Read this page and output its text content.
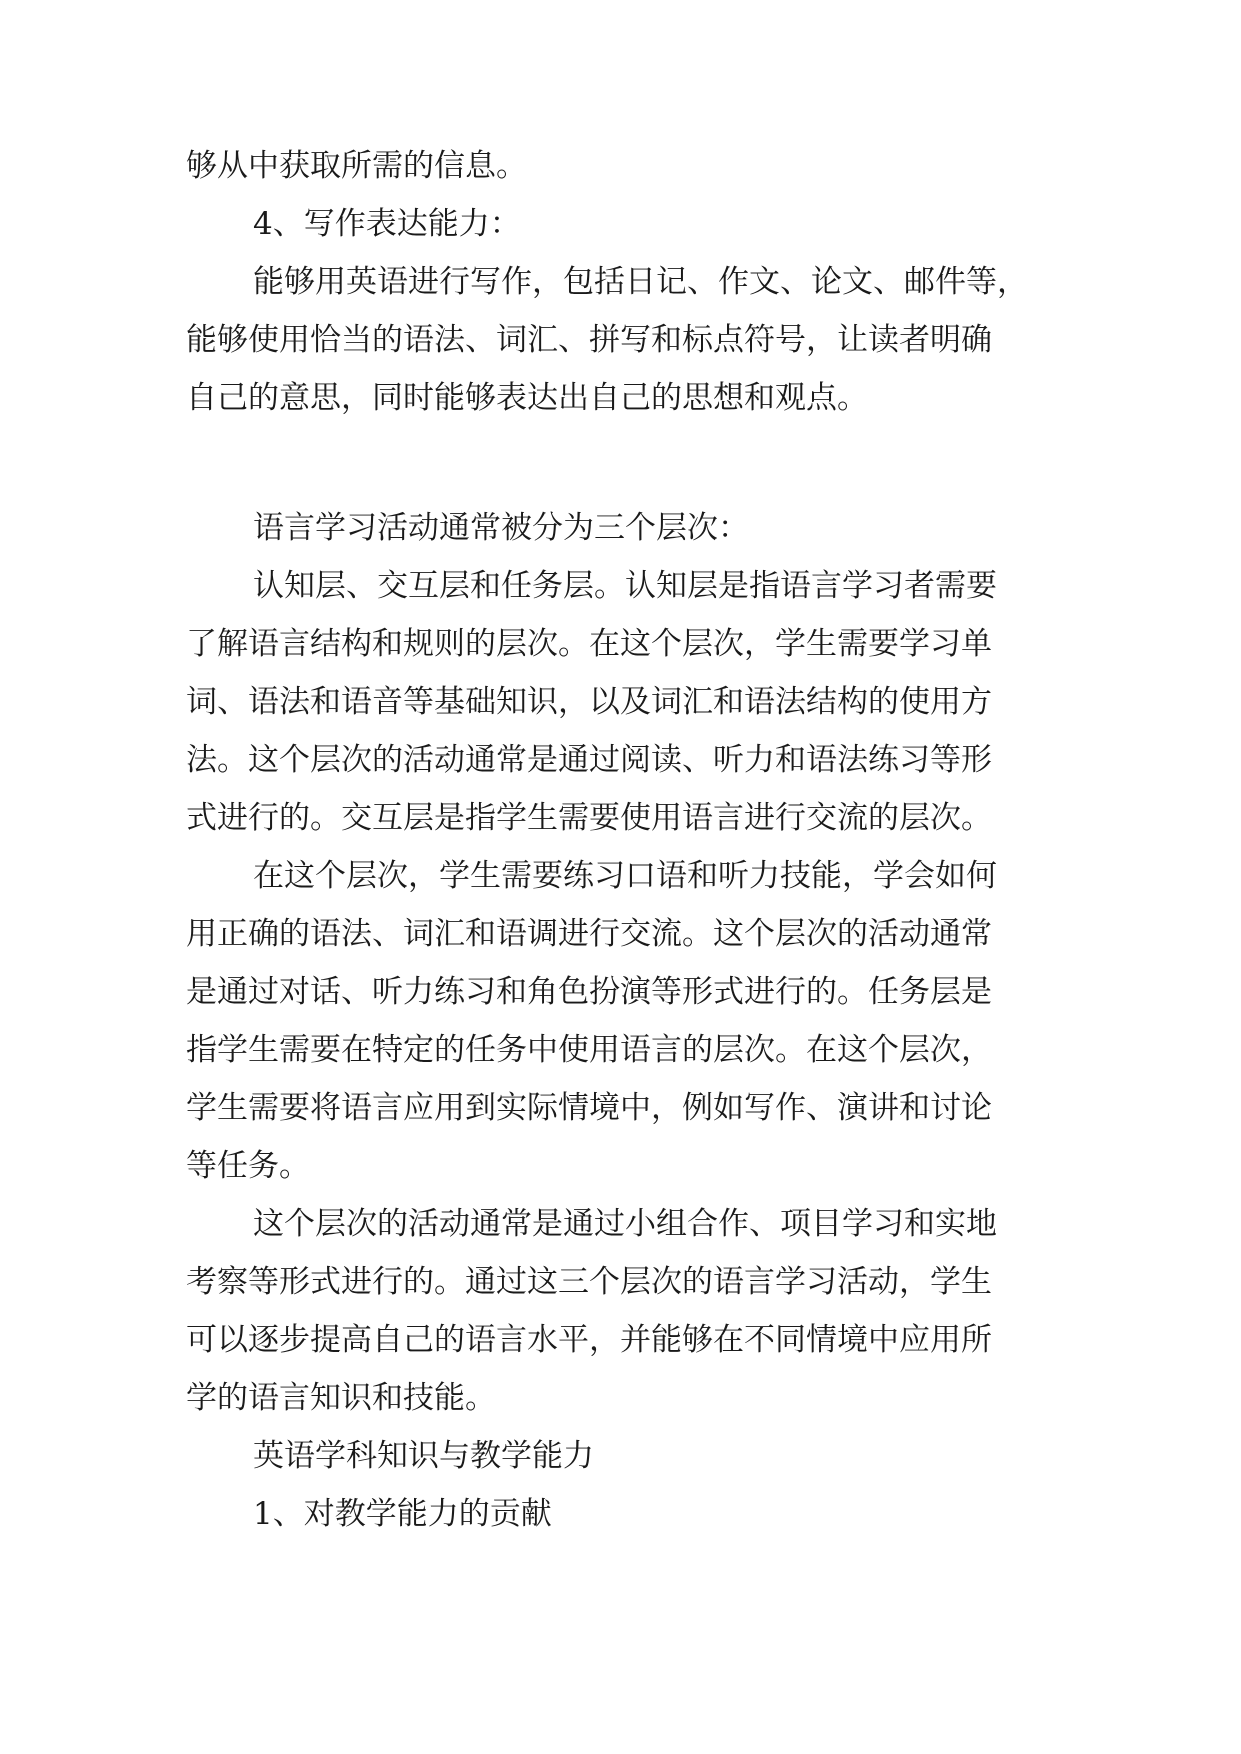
够从中获取所需的信息。
4、写作表达能力：
能够用英语进行写作，包括日记、作文、论文、邮件等，
能够使用恰当的语法、词汇、拼写和标点符号，让读者明确
自己的意思，同时能够表达出自己的思想和观点。
语言学习活动通常被分为三个层次：
认知层、交互层和任务层。认知层是指语言学习者需要
了解语言结构和规则的层次。在这个层次，学生需要学习单
词、语法和语音等基础知识，以及词汇和语法结构的使用方
法。这个层次的活动通常是通过阅读、听力和语法练习等形
式进行的。交互层是指学生需要使用语言进行交流的层次。
在这个层次，学生需要练习口语和听力技能，学会如何
用正确的语法、词汇和语调进行交流。这个层次的活动通常
是通过对话、听力练习和角色扮演等形式进行的。任务层是
指学生需要在特定的任务中使用语言的层次。在这个层次，
学生需要将语言应用到实际情境中，例如写作、演讲和讨论
等任务。
这个层次的活动通常是通过小组合作、项目学习和实地
考察等形式进行的。通过这三个层次的语言学习活动，学生
可以逐步提高自己的语言水平，并能够在不同情境中应用所
学的语言知识和技能。
英语学科知识与教学能力
1、对教学能力的贡献
